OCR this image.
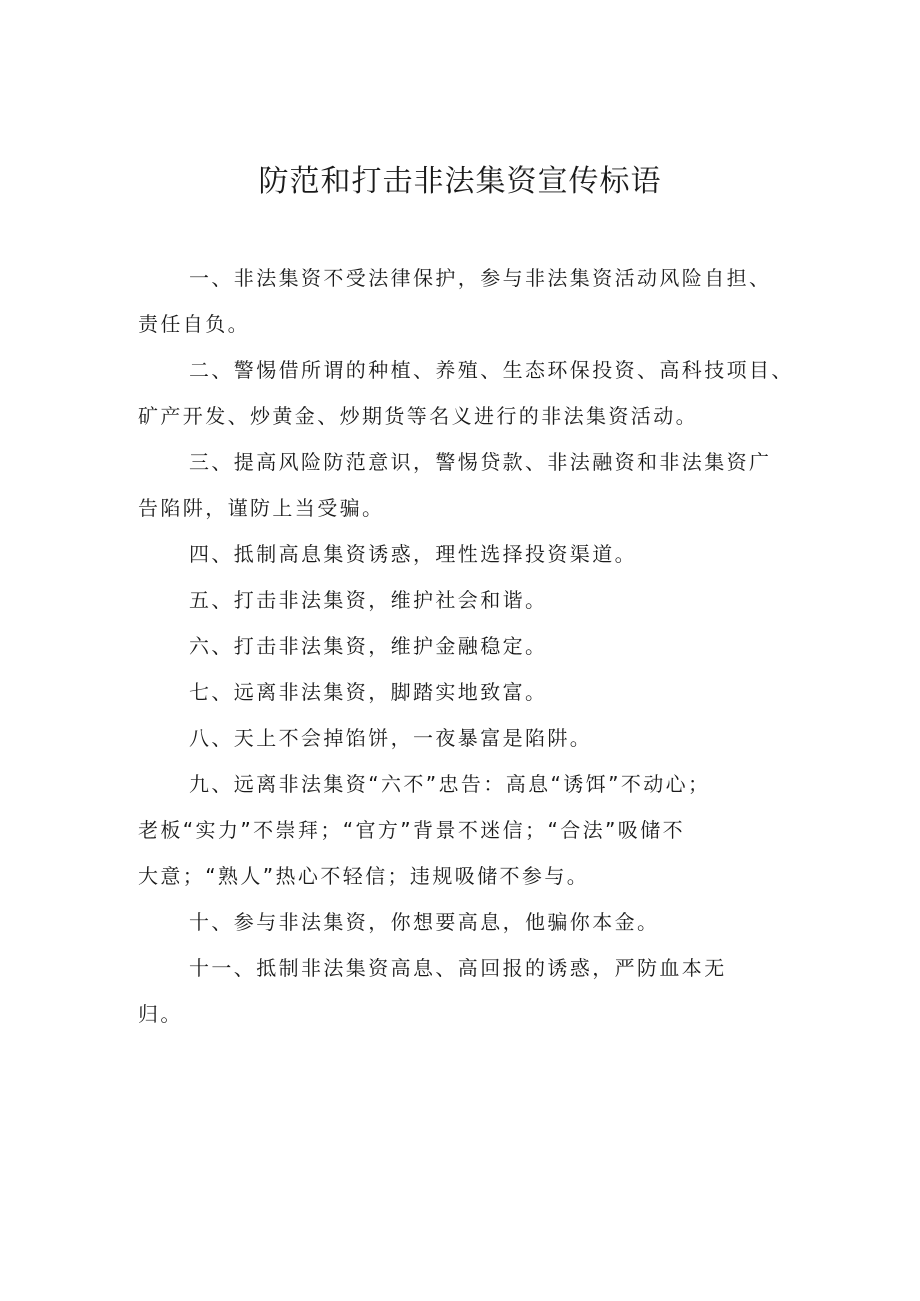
防范和打击非法集资宣传标语
一、非法集资不受法律保护，参与非法集资活动风险自担、
责任自负。
二、警惕借所谓的种植、养殖、生态环保投资、高科技项目、
矿产开发、炒黄金、炒期货等名义进行的非法集资活动。
三、提高风险防范意识，警惕贷款、非法融资和非法集资广
告陷阱，谨防上当受骗。
四、抵制高息集资诱惑，理性选择投资渠道。
五、打击非法集资，维护社会和谐。
六、打击非法集资，维护金融稳定。
七、远离非法集资，脚踏实地致富。
八、天上不会掉馅饼，一夜暴富是陷阱。
九、远离非法集资“六不”忠告：高息“诱饵”不动心；
老板“实力”不崇拜；“官方”背景不迷信；“合法”吸储不
大意；“熟人”热心不轻信；违规吸储不参与。
十、参与非法集资，你想要高息，他骗你本金。
十一、抵制非法集资高息、高回报的诱惑，严防血本无
归。
